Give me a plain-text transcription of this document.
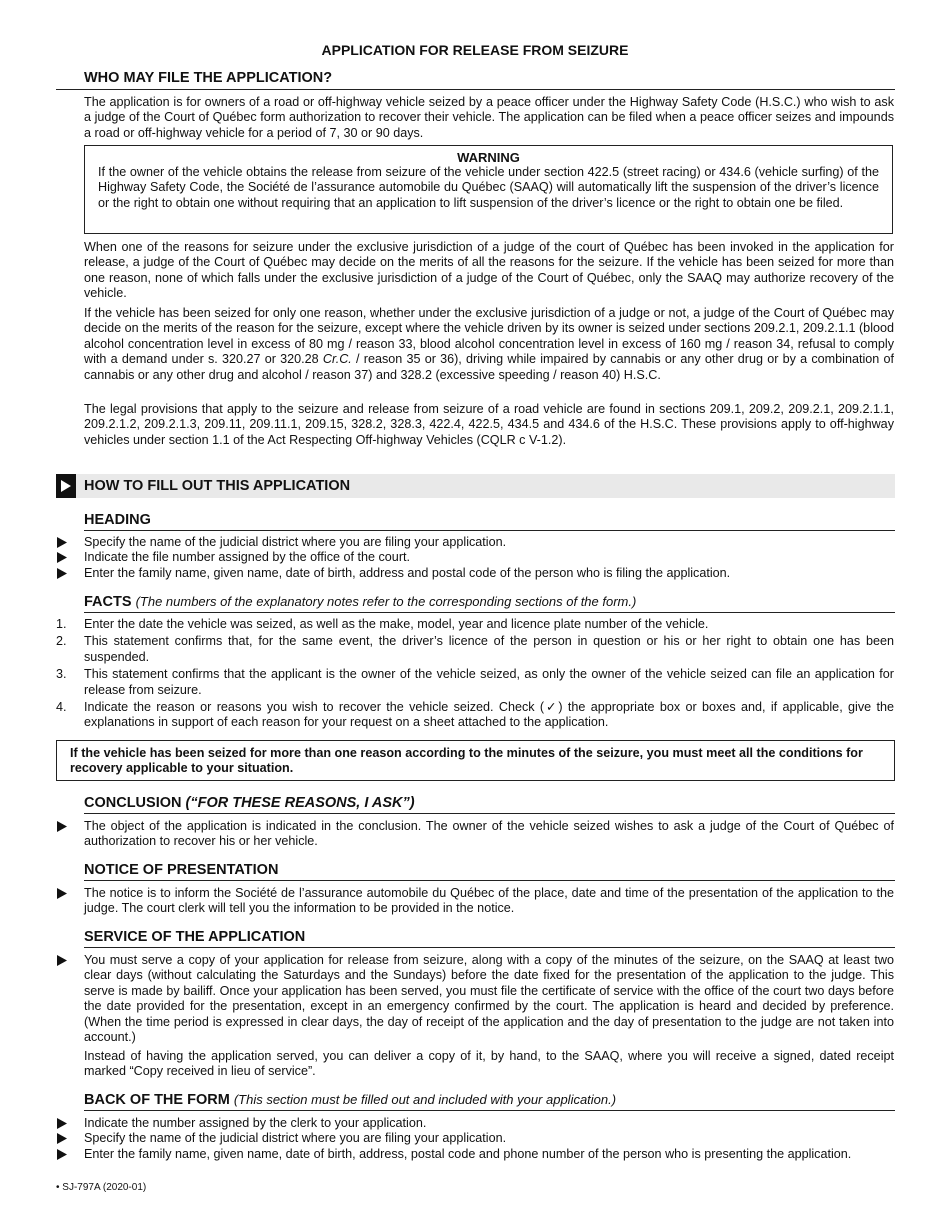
APPLICATION FOR RELEASE FROM SEIZURE
WHO MAY FILE THE APPLICATION?

The application is for owners of a road or off-highway vehicle seized by a peace officer under the Highway Safety Code (H.S.C.) who wish to ask a judge of the Court of Québec form authorization to recover their vehicle. The application can be filed when a peace officer seizes and impounds a road or off-highway vehicle for a period of 7, 30 or 90 days.

WARNING

If the owner of the vehicle obtains the release from seizure of the vehicle under section 422.5 (street racing) or 434.6 (vehicle surfing) of the Highway Safety Code, the Société de l’assurance automobile du Québec (SAAQ) will automatically lift the suspension of the driver’s licence or the right to obtain one without requiring that an application to lift suspension of the driver’s licence or the right to obtain one be filed.

When one of the reasons for seizure under the exclusive jurisdiction of a judge of the court of Québec has been invoked in the application for release, a judge of the Court of Québec may decide on the merits of all the reasons for the seizure. If the vehicle has been seized for more than one reason, none of which falls under the exclusive jurisdiction of a judge of the Court of Québec, only the SAAQ may authorize recovery of the vehicle.

If the vehicle has been seized for only one reason, whether under the exclusive jurisdiction of a judge or not, a judge of the Court of Québec may decide on the merits of the reason for the seizure, except where the vehicle driven by its owner is seized under sections 209.2.1, 209.2.1.1 (blood alcohol concentration level in excess of 80 mg / reason 33, blood alcohol concentration level in excess of 160 mg / reason 34, refusal to comply with a demand under s. 320.27 or 320.28 Cr.C. / reason 35 or 36), driving while impaired by cannabis or any other drug or by a combination of cannabis or any other drug and alcohol / reason 37) and 328.2 (excessive speeding / reason 40) H.S.C.

The legal provisions that apply to the seizure and release from seizure of a road vehicle are found in sections 209.1, 209.2, 209.2.1, 209.2.1.1, 209.2.1.2, 209.2.1.3, 209.11, 209.11.1, 209.15, 328.2, 328.3, 422.4, 422.5, 434.5 and 434.6 of the H.S.C. These provisions apply to off-highway vehicles under section 1.1 of the Act Respecting Off-highway Vehicles (CQLR c V-1.2).

HOW TO FILL OUT THIS APPLICATION
HEADING
Specify the name of the judicial district where you are filing your application.
Indicate the file number assigned by the office of the court.
Enter the family name, given name, date of birth, address and postal code of the person who is filing the application.
FACTS (The numbers of the explanatory notes refer to the corresponding sections of the form.)
1. Enter the date the vehicle was seized, as well as the make, model, year and licence plate number of the vehicle.
2. This statement confirms that, for the same event, the driver’s licence of the person in question or his or her right to obtain one has been suspended.
3. This statement confirms that the applicant is the owner of the vehicle seized, as only the owner of the vehicle seized can file an application for release from seizure.
4. Indicate the reason or reasons you wish to recover the vehicle seized. Check (✓) the appropriate box or boxes and, if applicable, give the explanations in support of each reason for your request on a sheet attached to the application.
If the vehicle has been seized for more than one reason according to the minutes of the seizure, you must meet all the conditions for recovery applicable to your situation.
CONCLUSION (“FOR THESE REASONS, I ASK”)
The object of the application is indicated in the conclusion. The owner of the vehicle seized wishes to ask a judge of the Court of Québec of authorization to recover his or her vehicle.
NOTICE OF PRESENTATION
The notice is to inform the Société de l’assurance automobile du Québec of the place, date and time of the presentation of the application to the judge. The court clerk will tell you the information to be provided in the notice.
SERVICE OF THE APPLICATION
You must serve a copy of your application for release from seizure, along with a copy of the minutes of the seizure, on the SAAQ at least two clear days (without calculating the Saturdays and the Sundays) before the date fixed for the presentation of the application to the judge. This serve is made by bailiff. Once your application has been served, you must file the certificate of service with the office of the court two days before the date provided for the presentation, except in an emergency confirmed by the court. The application is heard and decided by preference. (When the time period is expressed in clear days, the day of receipt of the application and the day of presentation to the judge are not taken into account.)

Instead of having the application served, you can deliver a copy of it, by hand, to the SAAQ, where you will receive a signed, dated receipt marked “Copy received in lieu of service”.

BACK OF THE FORM (This section must be filled out and included with your application.)
Indicate the number assigned by the clerk to your application.
Specify the name of the judicial district where you are filing your application.
Enter the family name, given name, date of birth, address, postal code and phone number of the person who is presenting the application.
• SJ-797A (2020-01)
